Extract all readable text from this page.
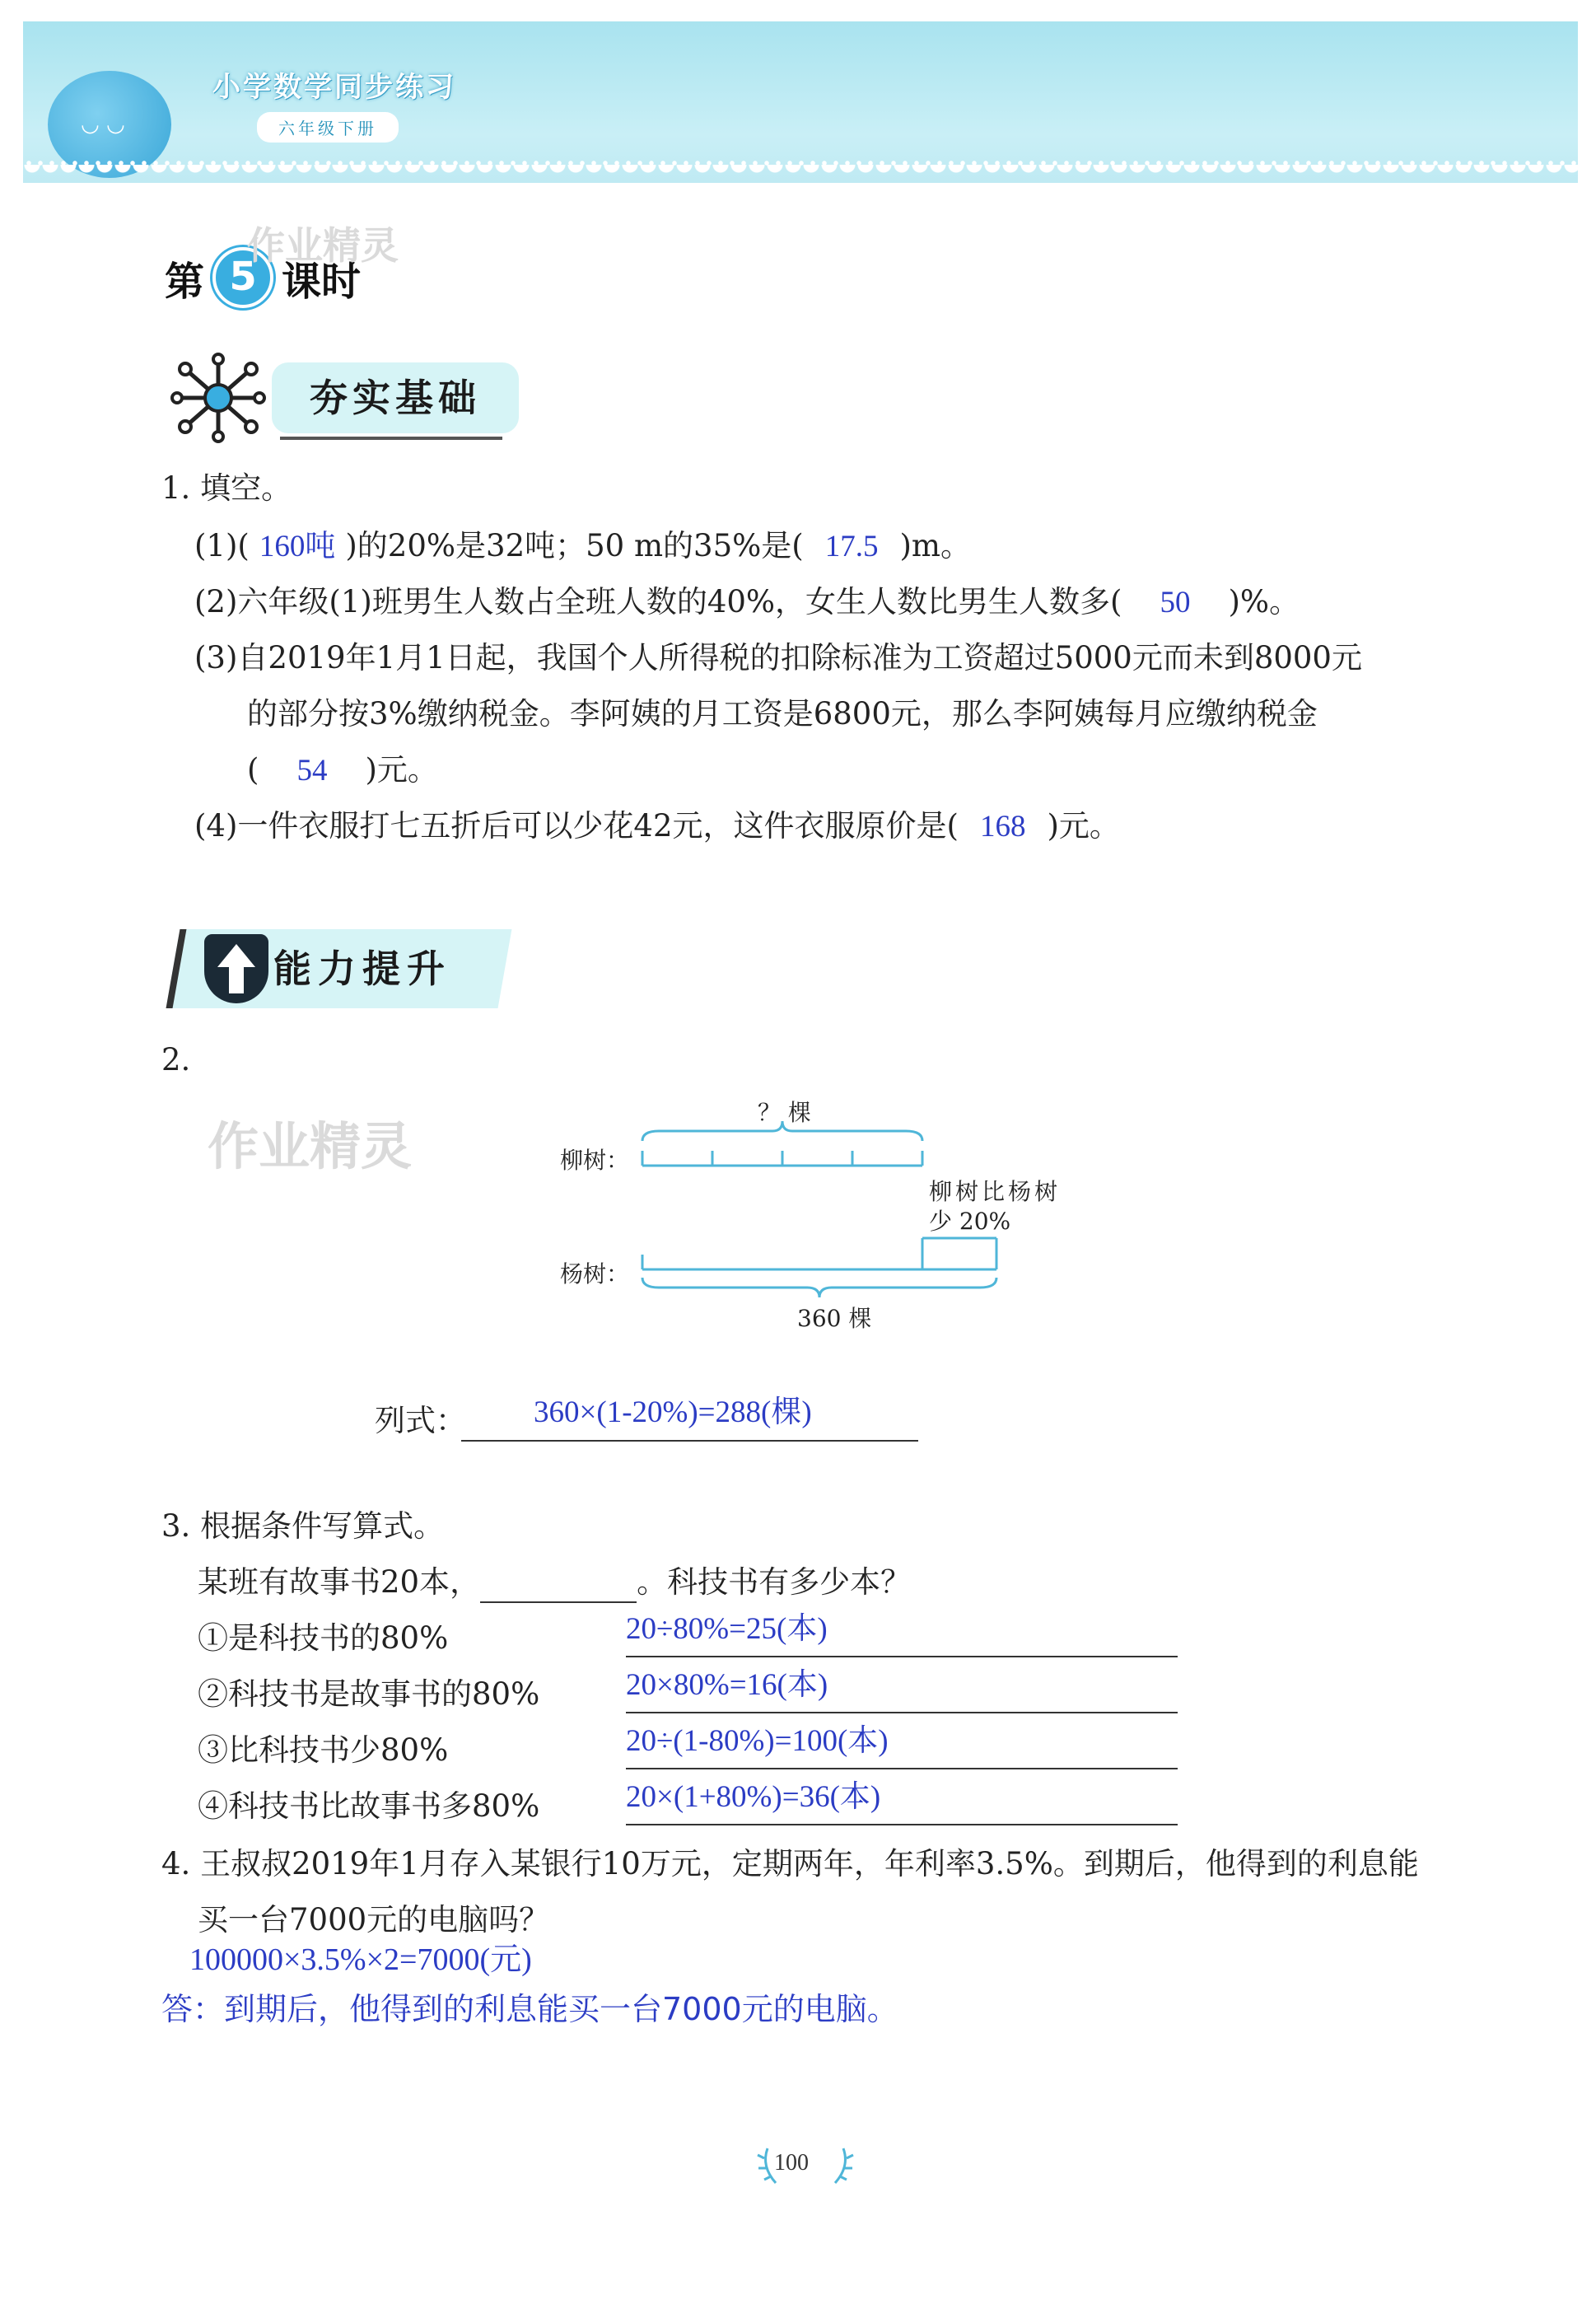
◡ ◡
小学数学同步练习
六年级下册
第 5 课时
作业精灵
夯实基础
1. 填空。
(1)( 160吨 )的20%是32吨；50 m的35%是( 17.5 )m。
(2)六年级(1)班男生人数占全班人数的40%，女生人数比男生人数多( 50 )%。
(3)自2019年1月1日起，我国个人所得税的扣除标准为工资超过5000元而未到8000元
的部分按3%缴纳税金。李阿姨的月工资是6800元，那么李阿姨每月应缴纳税金
( 54 )元。
(4)一件衣服打七五折后可以少花42元，这件衣服原价是( 168 )元。
能力提升
2.
作业精灵	柳树：
杨树：
？ 棵
柳树比杨树
少 20%
360 棵
列式： 360×(1-20%)=288(棵)
3. 根据条件写算式。
某班有故事书20本，	。科技书有多少本？
①是科技书的80%	20÷80%=25(本)
②科技书是故事书的80%	20×80%=16(本)
③比科技书少80%	20÷(1-80%)=100(本)
④科技书比故事书多80%	20×(1+80%)=36(本)
4. 王叔叔2019年1月存入某银行10万元，定期两年，年利率3.5%。到期后，他得到的利息能
买一台7000元的电脑吗？
100000×3.5%×2=7000(元)
答：到期后，他得到的利息能买一台7000元的电脑。
100
